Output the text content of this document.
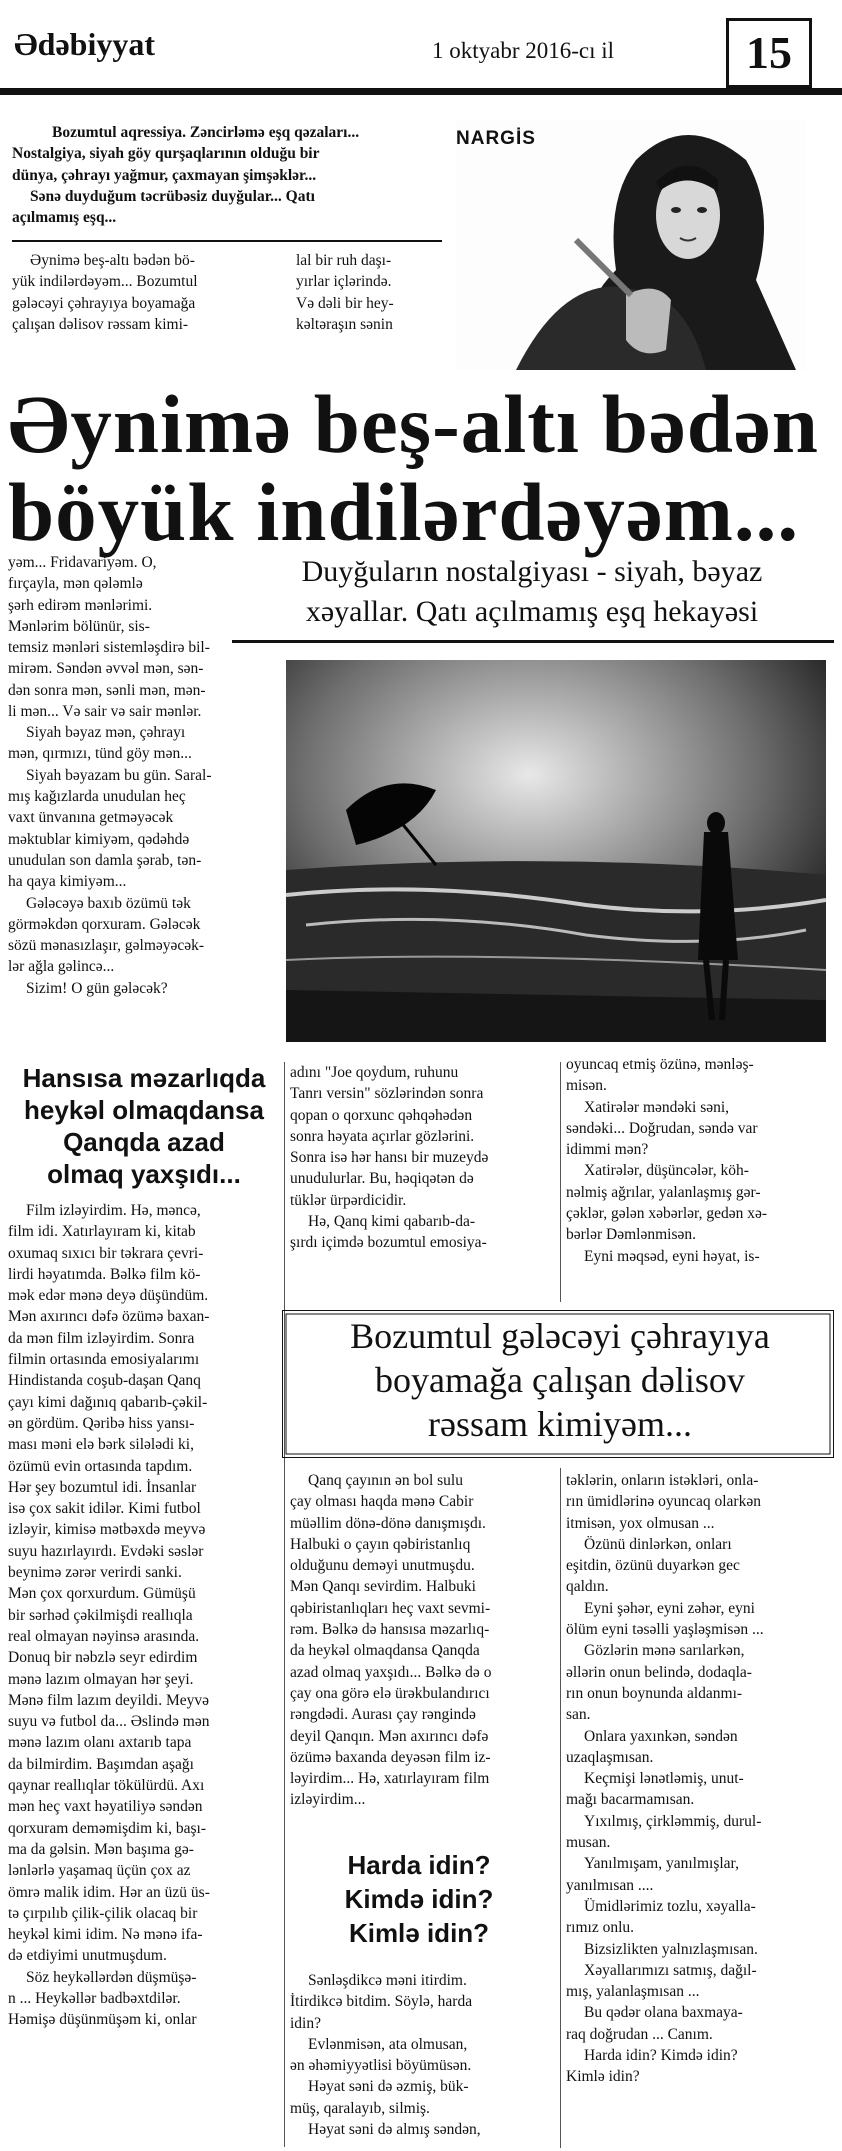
Ədəbiyyat	1 oktyabr 2016-cı il	15
Bozumtul aqressiya. Zəncirləmə eşq qəzaları...
Nostalgiya, siyah göy qurşaqlarının olduğu bir
dünya, çəhrayı yağmur, çaxmayan şimşəklər...
Sənə duyduğum təcrübəsiz duyğular... Qatı
açılmamış eşq...
Əynimə beş-altı bədən bö-
yük indilərdəyəm... Bozumtul
gələcəyi çəhrayıya boyamağa
çalışan dəlisov rəssam kimi-
lal bir ruh daşı-
yırlar içlərində.
Və dəli bir hey-
kəltəraşın sənin
NARGİS
Əynimə beş-altı bədən
böyük indilərdəyəm...
Duyğuların nostalgiyası - siyah, bəyaz
xəyallar. Qatı açılmamış eşq hekayəsi
yəm... Fridavariyəm. O,
fırçayla, mən qələmlə
şərh edirəm mənlərimi.
Mənlərim bölünür, sis-
temsiz mənləri sistemləşdirə bil-
mirəm. Səndən əvvəl mən, sən-
dən sonra mən, sənli mən, mən-
li mən... Və sair və sair mənlər.
Siyah bəyaz mən, çəhrayı
mən, qırmızı, tünd göy mən...
Siyah bəyazam bu gün. Saral-
mış kağızlarda unudulan heç
vaxt ünvanına getməyəcək
məktublar kimiyəm, qədəhdə
unudulan son damla şərab, tən-
ha qaya kimiyəm...
Gələcəyə baxıb özümü tək
görməkdən qorxuram. Gələcək
sözü mənasızlaşır, gəlməyəcək-
lər ağla gəlincə...
Sizim! O gün gələcək?
Hansısa məzarlıqda
heykəl olmaqdansa
Qanqda azad
olmaq yaxşıdı...
Film izləyirdim. Hə, məncə,
film idi. Xatırlayıram ki, kitab
oxumaq sıxıcı bir təkrara çevri-
lirdi həyatımda. Bəlkə film kö-
mək edər mənə deyə düşündüm.
Mən axırıncı dəfə özümə baxan-
da mən film izləyirdim. Sonra
filmin ortasında emosiyalarımı
Hindistanda coşub-daşan Qanq
çayı kimi dağınıq qabarıb-çəkil-
ən gördüm. Qəribə hiss yansı-
ması məni elə bərk silələdi ki,
özümü evin ortasında tapdım.
Hər şey bozumtul idi. İnsanlar
isə çox sakit idilər. Kimi futbol
izləyir, kimisə mətbəxdə meyvə
suyu hazırlayırdı. Evdəki səslər
beynimə zərər verirdi sanki.
Mən çox qorxurdum. Gümüşü
bir sərhəd çəkilmişdi reallıqla
real olmayan nəyinsə arasında.
Donuq bir nəbzlə seyr edirdim
mənə lazım olmayan hər şeyi.
Mənə film lazım deyildi. Meyvə
suyu və futbol da... Əslində mən
mənə lazım olanı axtarıb tapa
da bilmirdim. Başımdan aşağı
qaynar reallıqlar tökülürdü. Axı
mən heç vaxt həyatiliyə səndən
qorxuram deməmişdim ki, başı-
ma da gəlsin. Mən başıma gə-
lənlərlə yaşamaq üçün çox az
ömrə malik idim. Hər an üzü üs-
tə çırpılıb çilik-çilik olacaq bir
heykəl kimi idim. Nə mənə ifa-
də etdiyimi unutmuşdum.
Söz heykəllərdən düşmüşə-
n ... Heykəllər badbəxtdilər.
Həmişə düşünmüşəm ki, onlar
adını "Joe qoydum, ruhunu
Tanrı versin" sözlərindən sonra
qopan o qorxunc qəhqəhədən
sonra həyata açırlar gözlərini.
Sonra isə hər hansı bir muzeydə
unudulurlar. Bu, həqiqətən də
tüklər ürpərdicidir.
Hə, Qanq kimi qabarıb-da-
şırdı içimdə bozumtul emosiya-
oyuncaq etmiş özünə, mənləş-
misən.
Xatirələr məndəki səni,
səndəki... Doğrudan, səndə var
idimmi mən?
Xatirələr, düşüncələr, köh-
nəlmiş ağrılar, yalanlaşmış gər-
çəklər, gələn xəbərlər, gedən xə-
bərlər Dəmlənmisən.
Eyni məqsəd, eyni həyat, is-
Bozumtul gələcəyi çəhrayıya
boyamağa çalışan dəlisov
rəssam kimiyəm...
Qanq çayının ən bol sulu
çay olması haqda mənə Cabir
müəllim dönə-dönə danışmışdı.
Halbuki o çayın qəbiristanlıq
olduğunu deməyi unutmuşdu.
Mən Qanqı sevirdim. Halbuki
qəbiristanlıqları heç vaxt sevmi-
rəm. Bəlkə də hansısa məzarlıq-
da heykəl olmaqdansa Qanqda
azad olmaq yaxşıdı... Bəlkə də o
çay ona görə elə ürəkbulandırıcı
rəngdədi. Aurası çay rəngində
deyil Qanqın. Mən axırıncı dəfə
özümə baxanda deyəsən film iz-
ləyirdim... Hə, xatırlayıram film
izləyirdim...
Harda idin?
Kimdə idin?
Kimlə idin?
Sənləşdikcə məni itirdim.
İtirdikcə bitdim. Söylə, harda
idin?
Evlənmisən, ata olmusan,
ən əhəmiyyətlisi böyümüsən.
Həyat səni də əzmiş, bük-
müş, qaralayıb, silmiş.
Həyat səni də almış səndən,
təklərin, onların istəkləri, onla-
rın ümidlərinə oyuncaq olarkən
itmisən, yox olmusan ...
Özünü dinlərkən, onları
eşitdin, özünü duyarkən gec
qaldın.
Eyni şəhər, eyni zəhər, eyni
ölüm eyni təsəlli yaşləşmisən ...
Gözlərin mənə sarılarkən,
əllərin onun belində, dodaqla-
rın onun boynunda aldanmı-
san.
Onlara yaxınkən, səndən
uzaqlaşmısan.
Keçmişi lənətləmiş, unut-
mağı bacarmamısan.
Yıxılmış, çirkləmmiş, durul-
musan.
Yanılmışam, yanılmışlar,
yanılmısan ....
Ümidlərimiz tozlu, xəyalla-
rımız onlu.
Bizsizlikten yalnızlaşmısan.
Xəyallarımızı satmış, dağıl-
mış, yalanlaşmısan ...
Bu qədər olana baxmaya-
raq doğrudan ... Canım.
Harda idin? Kimdə idin?
Kimlə idin?
